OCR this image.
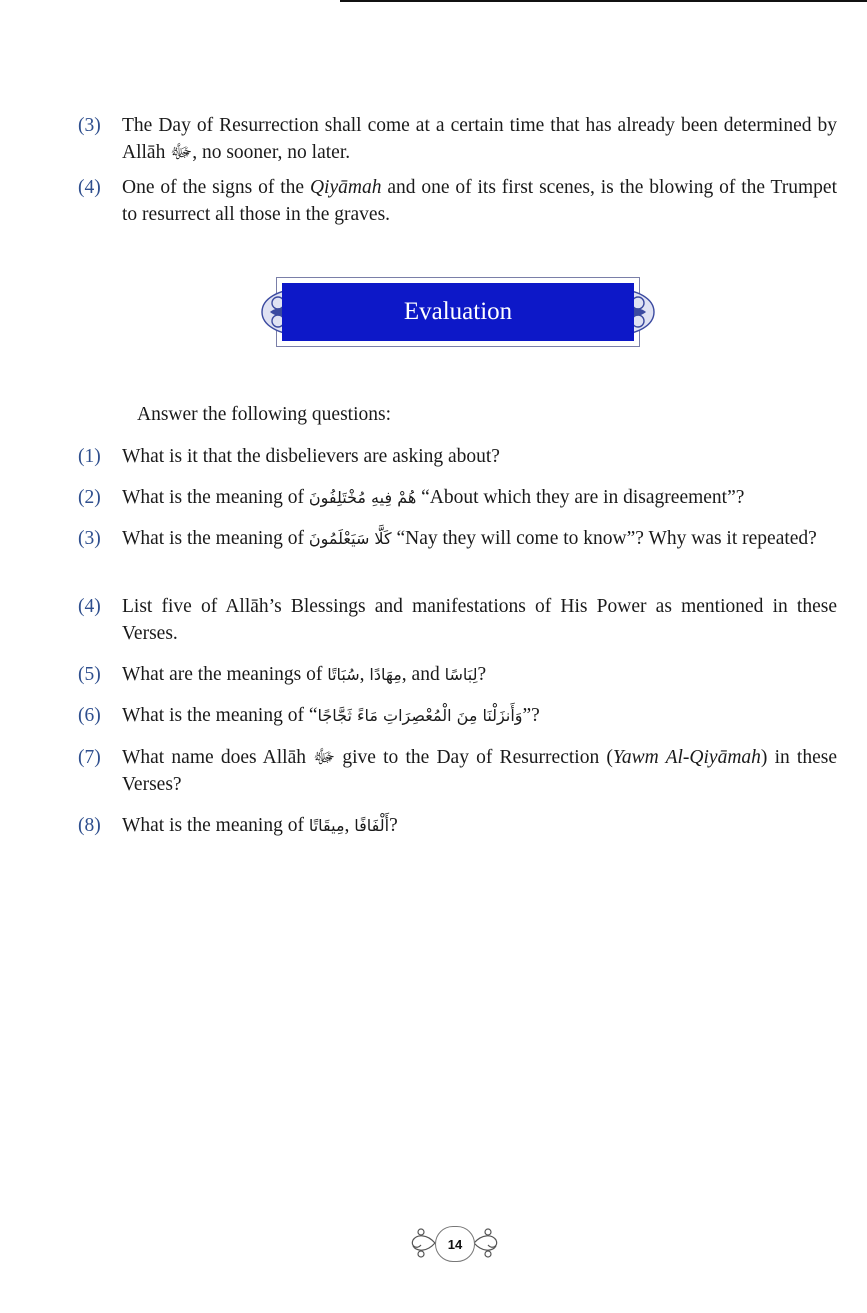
(3)	The Day of Resurrection shall come at a certain time that has already been determined by Allāh ﷻ, no sooner, no later.
(4)	One of the signs of the Qiyāmah and one of its first scenes, is the blowing of the Trumpet to resurrect all those in the graves.
Evaluation
Answer the following questions:
(1)	What is it that the disbelievers are asking about?
(2)	What is the meaning of هُمْ فِيهِ مُخْتَلِفُونَ “About which they are in disagreement”?
(3)	What is the meaning of كَلَّا سَيَعْلَمُونَ “Nay they will come to know”? Why was it repeated?
(4)	List five of Allāh’s Blessings and manifestations of His Power as mentioned in these Verses.
(5)	What are the meanings of سُبَاتًا, مِهَادًا, and لِبَاسًا?
(6)	What is the meaning of “وَأَنزَلْنَا مِنَ الْمُعْصِرَاتِ مَاءً ثَجَّاجًا”?
(7)	What name does Allāh ﷻ give to the Day of Resurrection (Yawm Al-Qiyāmah) in these Verses?
(8)	What is the meaning of مِيقَاتًا, أَلْفَافًا?
14
